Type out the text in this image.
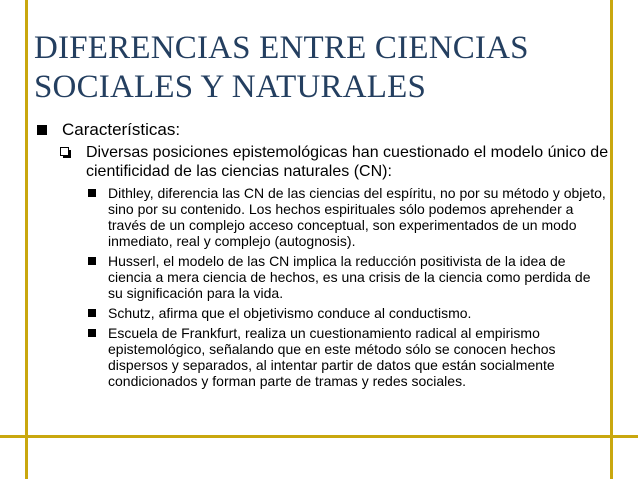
DIFERENCIAS ENTRE CIENCIAS
SOCIALES Y NATURALES
Características:
Diversas posiciones epistemológicas han cuestionado el modelo único de cientificidad de las ciencias naturales (CN):
Dithley, diferencia las CN de las ciencias del espíritu, no por su método y objeto, sino por su contenido. Los hechos espirituales sólo podemos aprehender a través de un complejo acceso conceptual, son experimentados de un modo inmediato, real y complejo (autognosis).
Husserl, el modelo de las CN implica la reducción positivista de la idea de ciencia a mera ciencia de hechos, es una crisis de la ciencia como perdida de su significación para la vida.
Schutz, afirma que el objetivismo conduce al conductismo.
Escuela de Frankfurt, realiza un cuestionamiento radical al empirismo epistemológico, señalando que en este método sólo se conocen hechos dispersos y separados, al intentar partir de datos que están socialmente condicionados y forman parte de tramas y redes sociales.
